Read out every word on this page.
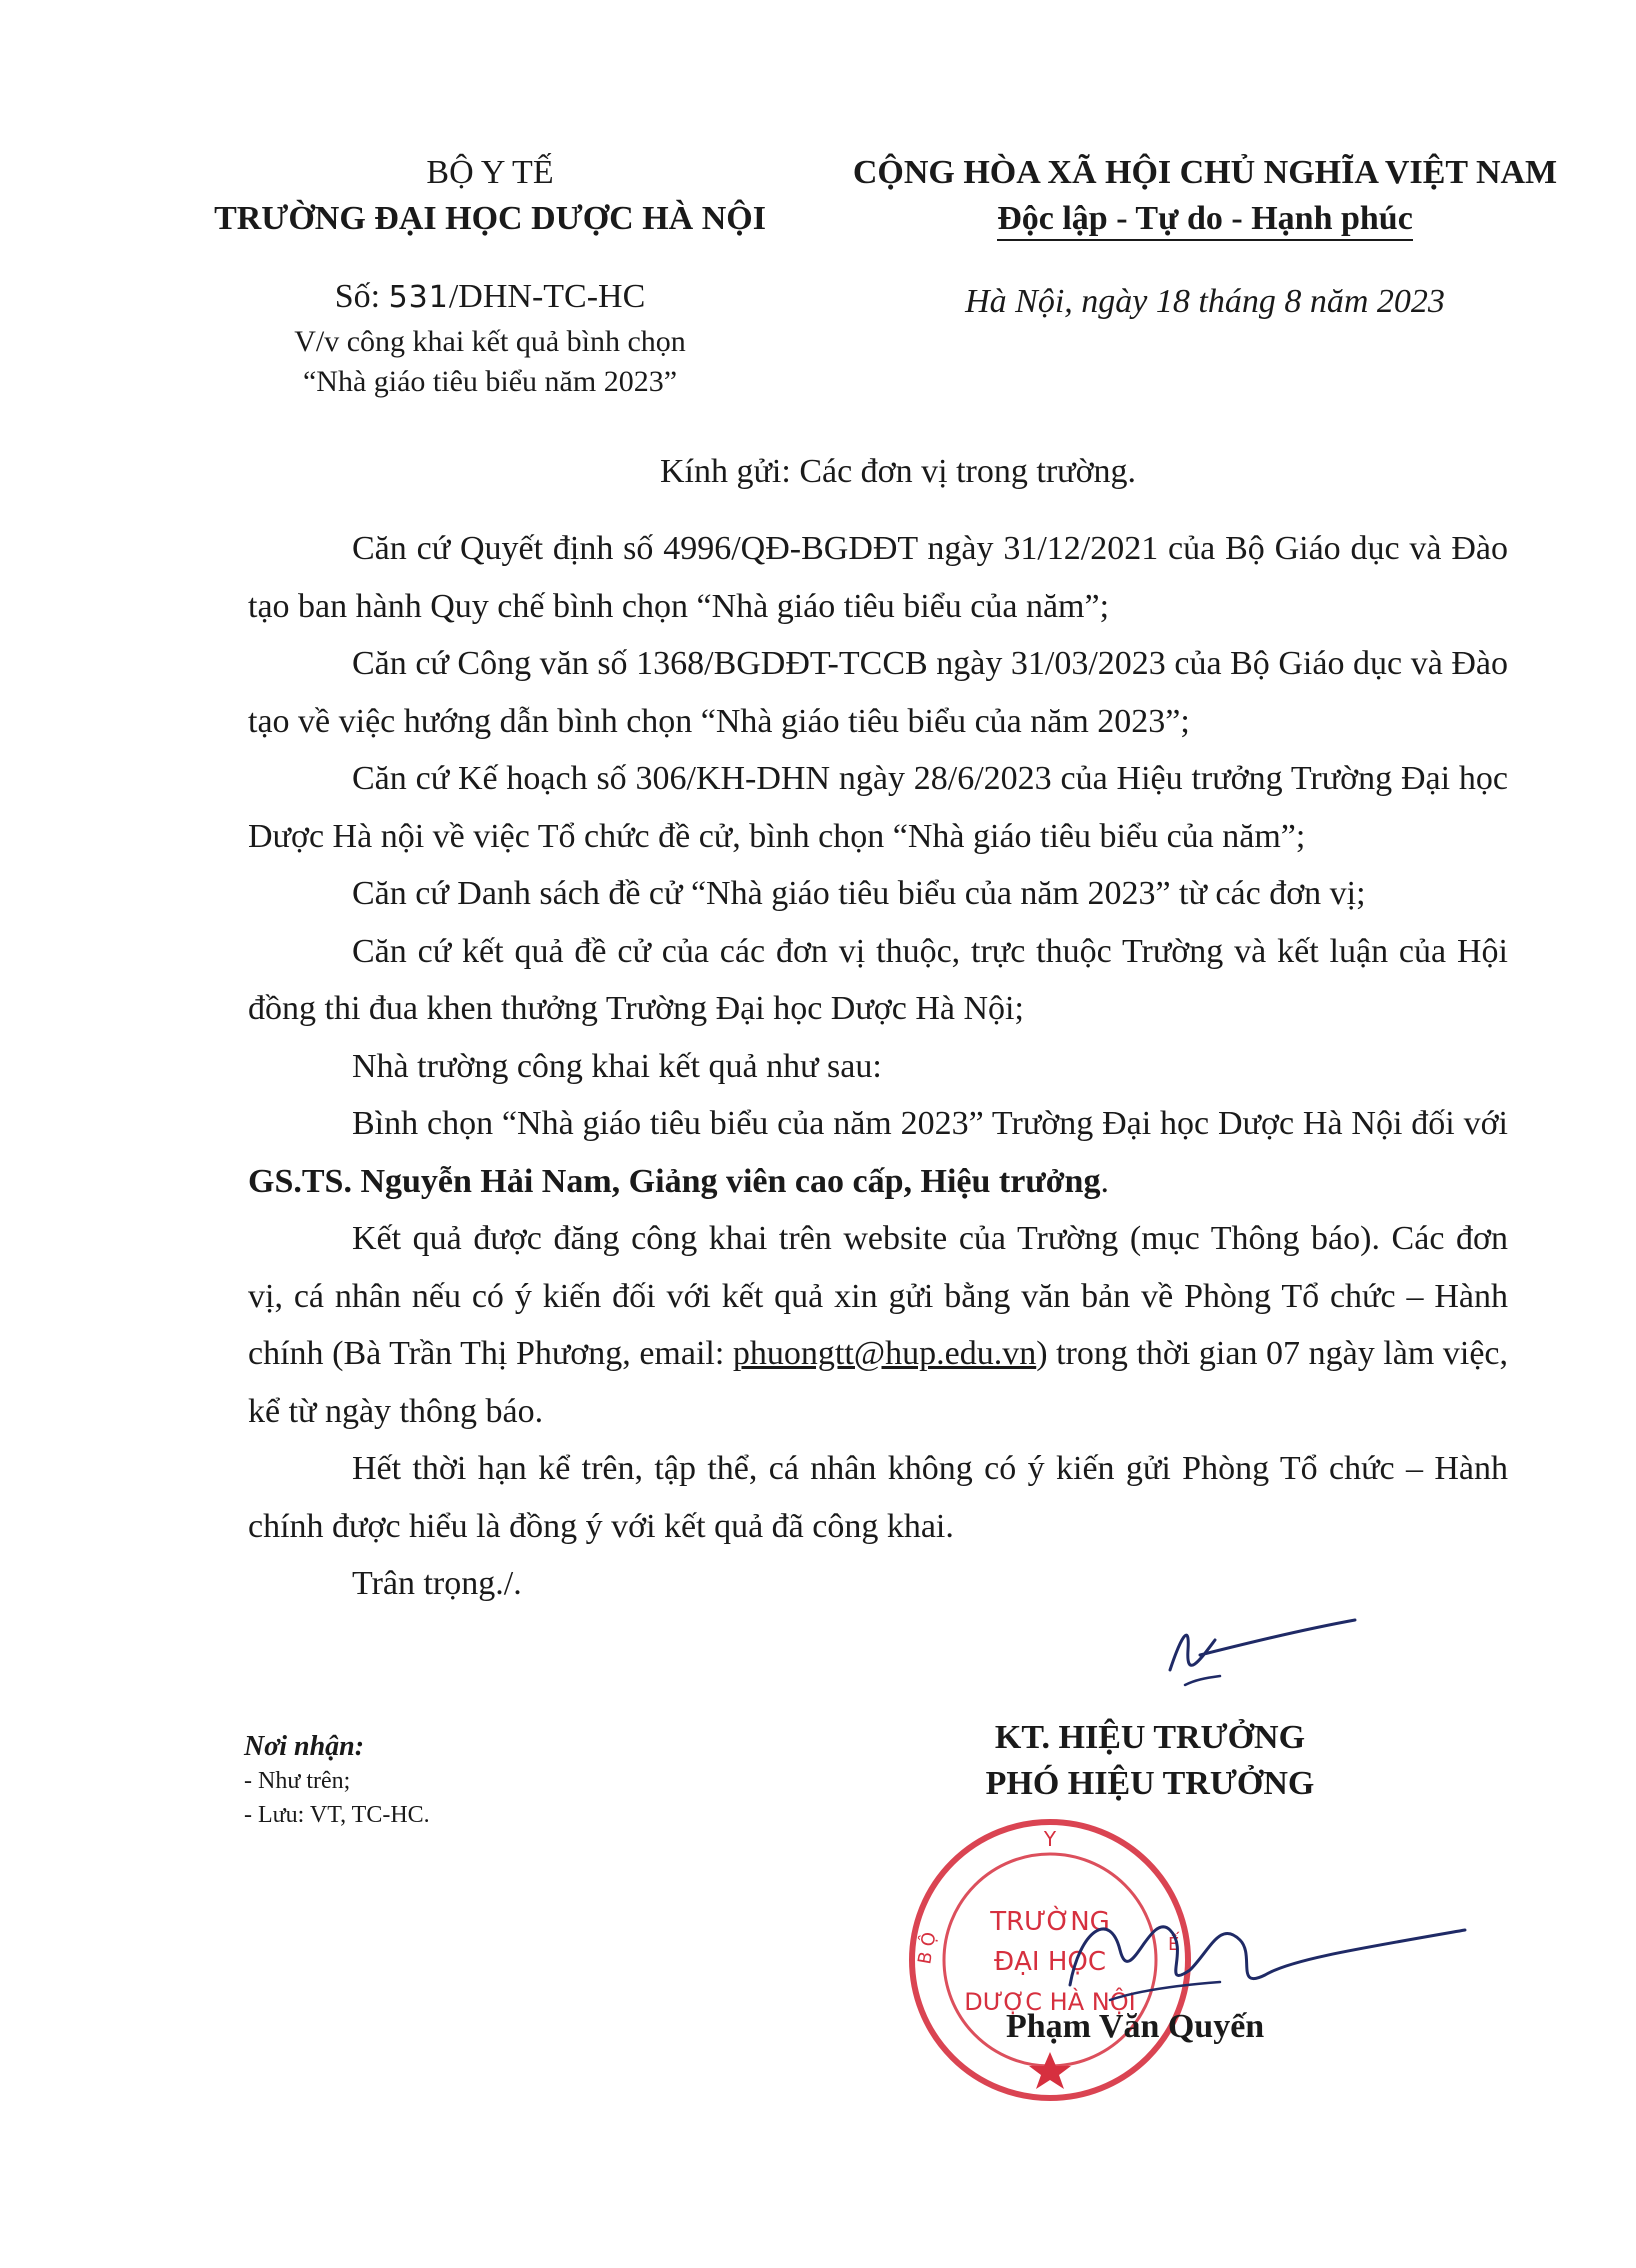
BỘ Y TẾ
TRƯỜNG ĐẠI HỌC DƯỢC HÀ NỘI
CỘNG HÒA XÃ HỘI CHỦ NGHĨA VIỆT NAM
Độc lập - Tự do - Hạnh phúc
Số: 531/DHN-TC-HC
V/v công khai kết quả bình chọn
“Nhà giáo tiêu biểu năm 2023”
Hà Nội, ngày 18 tháng 8 năm 2023
Kính gửi: Các đơn vị trong trường.

Căn cứ Quyết định số 4996/QĐ-BGDĐT ngày 31/12/2021 của Bộ Giáo dục và Đào tạo ban hành Quy chế bình chọn “Nhà giáo tiêu biểu của năm”;

Căn cứ Công văn số 1368/BGDĐT-TCCB ngày 31/03/2023 của Bộ Giáo dục và Đào tạo về việc hướng dẫn bình chọn “Nhà giáo tiêu biểu của năm 2023”;

Căn cứ Kế hoạch số 306/KH-DHN ngày 28/6/2023 của Hiệu trưởng Trường Đại học Dược Hà nội về việc Tổ chức đề cử, bình chọn “Nhà giáo tiêu biểu của năm”;

Căn cứ Danh sách đề cử “Nhà giáo tiêu biểu của năm 2023” từ các đơn vị;

Căn cứ kết quả đề cử của các đơn vị thuộc, trực thuộc Trường và kết luận của Hội đồng thi đua khen thưởng Trường Đại học Dược Hà Nội;

Nhà trường công khai kết quả như sau:

Bình chọn “Nhà giáo tiêu biểu của năm 2023” Trường Đại học Dược Hà Nội đối với GS.TS. Nguyễn Hải Nam, Giảng viên cao cấp, Hiệu trưởng.

Kết quả được đăng công khai trên website của Trường (mục Thông báo). Các đơn vị, cá nhân nếu có ý kiến đối với kết quả xin gửi bằng văn bản về Phòng Tổ chức – Hành chính (Bà Trần Thị Phương, email: phuongtt@hup.edu.vn) trong thời gian 07 ngày làm việc, kể từ ngày thông báo.

Hết thời hạn kể trên, tập thể, cá nhân không có ý kiến gửi Phòng Tổ chức – Hành chính được hiểu là đồng ý với kết quả đã công khai.

Trân trọng./.

Nơi nhận:
- Như trên;
- Lưu: VT, TC-HC.
KT. HIỆU TRƯỞNG
PHÓ HIỆU TRƯỞNG
Y
B Ộ	Ế
TRƯỜNG
ĐẠI HỌC
DƯỢC HÀ NỘI
Phạm Văn Quyến
